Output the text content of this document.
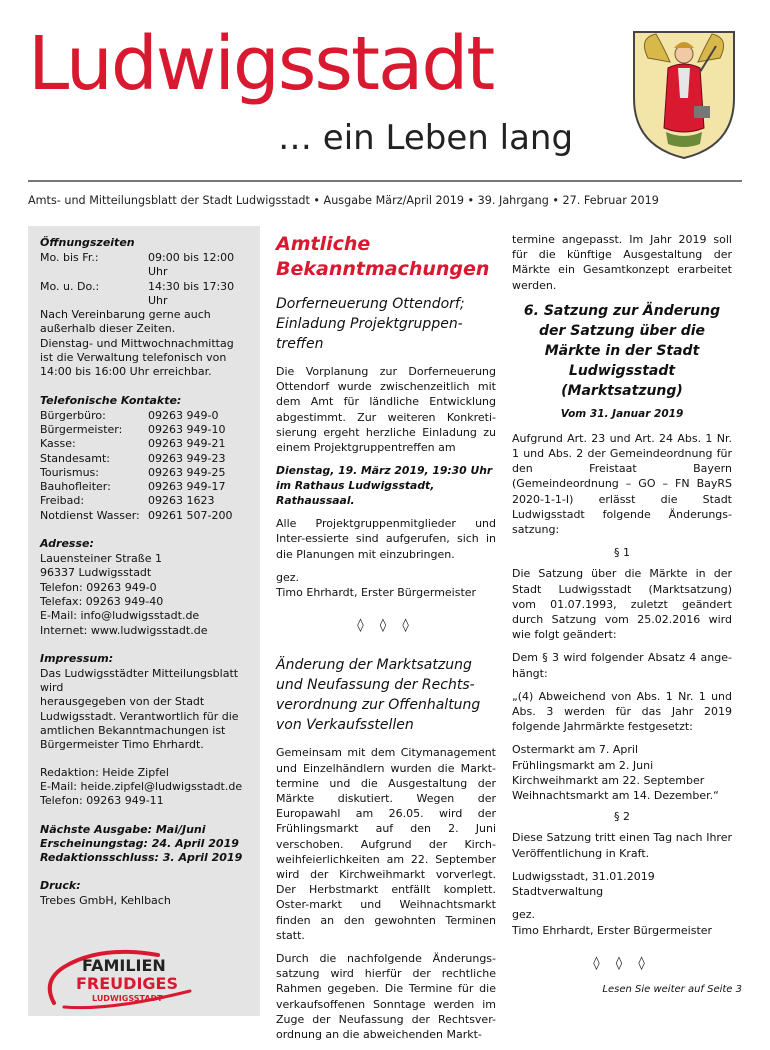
Ludwigsstadt
… ein Leben lang
Amts- und Mitteilungsblatt der Stadt Ludwigsstadt • Ausgabe März/April 2019 • 39. Jahrgang • 27. Februar 2019
Öffnungszeiten
Mo. bis Fr.:	09:00 bis 12:00 Uhr
Mo. u. Do.:	14:30 bis 17:30 Uhr
Nach Vereinbarung gerne auch
außerhalb dieser Zeiten.
Dienstag- und Mittwochnachmittag
ist die Verwaltung telefonisch von
14:00 bis 16:00 Uhr erreichbar.
Telefonische Kontakte:
Bürgerbüro:	09263 949-0
Bürgermeister:	09263 949-10
Kasse:	09263 949-21
Standesamt:	09263 949-23
Tourismus:	09263 949-25
Bauhofleiter:	09263 949-17
Freibad:	09263 1623
Notdienst Wasser: 09261 507-200
Adresse:
Lauensteiner Straße 1
96337 Ludwigsstadt
Telefon: 09263 949-0
Telefax: 09263 949-40
E-Mail: info@ludwigsstadt.de
Internet: www.ludwigsstadt.de
Impressum:
Das Ludwigsstädter Mitteilungsblatt wird
herausgegeben von der Stadt
Ludwigsstadt. Verantwortlich für die
amtlichen Bekanntmachungen ist
Bürgermeister Timo Ehrhardt.
Redaktion: Heide Zipfel
E-Mail: heide.zipfel@ludwigsstadt.de
Telefon: 09263 949-11
Nächste Ausgabe: Mai/Juni
Erscheinungstag: 24. April 2019
Redaktionsschluss: 3. April 2019
Druck:
Trebes GmbH, Kehlbach
FAMILIEN
FREUDIGES
LUDWIGSSTADT
Amtliche Bekanntmachungen
Dorferneuerung Ottendorf; Einladung Projektgruppen-treffen

Die Vorplanung zur Dorferneuerung Ottendorf wurde zwischenzeitlich mit dem Amt für ländliche Entwicklung abgestimmt. Zur weiteren Konkreti-sierung ergeht herzliche Einladung zu einem Projektgruppentreffen am

Dienstag, 19. März 2019, 19:30 Uhr
im Rathaus Ludwigsstadt, Rathaussaal.

Alle Projektgruppenmitglieder und Inter-essierte sind aufgerufen, sich in die Planungen mit einzubringen.

gez.
Timo Ehrhardt, Erster Bürgermeister
◊ ◊ ◊
Änderung der Marktsatzung und Neufassung der Rechts-verordnung zur Offenhaltung von Verkaufsstellen

Gemeinsam mit dem Citymanagement und Einzelhändlern wurden die Markt-termine und die Ausgestaltung der Märkte diskutiert. Wegen der Europawahl am 26.05. wird der Frühlingsmarkt auf den 2. Juni verschoben. Aufgrund der Kirch-weihfeierlichkeiten am 22. September wird der Kirchweihmarkt vorverlegt. Der Herbstmarkt entfällt komplett. Oster-markt und Weihnachtsmarkt finden an den gewohnten Terminen statt.

Durch die nachfolgende Änderungs-satzung wird hierfür der rechtliche Rahmen gegeben. Die Termine für die verkaufsoffenen Sonntage werden im Zuge der Neufassung der Rechtsver-ordnung an die abweichenden Markt-

termine angepasst. Im Jahr 2019 soll für die künftige Ausgestaltung der Märkte ein Gesamtkonzept erarbeitet werden.

6. Satzung zur Änderung der Satzung über die Märkte in der Stadt Ludwigsstadt (Marktsatzung)
Vom 31. Januar 2019

Aufgrund Art. 23 und Art. 24 Abs. 1 Nr. 1 und Abs. 2 der Gemeindeordnung für den Freistaat Bayern (Gemeindeordnung – GO – FN BayRS 2020-1-1-I) erlässt die Stadt Ludwigsstadt folgende Änderungs-satzung:

§ 1

Die Satzung über die Märkte in der Stadt Ludwigsstadt (Marktsatzung) vom 01.07.1993, zuletzt geändert durch Satzung vom 25.02.2016 wird wie folgt geändert:

Dem § 3 wird folgender Absatz 4 ange-hängt:

„(4) Abweichend von Abs. 1 Nr. 1 und Abs. 3 werden für das Jahr 2019 folgende Jahrmärkte festgesetzt:

Ostermarkt am 7. April
Frühlingsmarkt am 2. Juni
Kirchweihmarkt am 22. September
Weihnachtsmarkt am 14. Dezember.“
§ 2

Diese Satzung tritt einen Tag nach Ihrer Veröffentlichung in Kraft.

Ludwigsstadt, 31.01.2019
Stadtverwaltung
gez.
Timo Ehrhardt, Erster Bürgermeister
◊ ◊ ◊
Lesen Sie weiter auf Seite 3
